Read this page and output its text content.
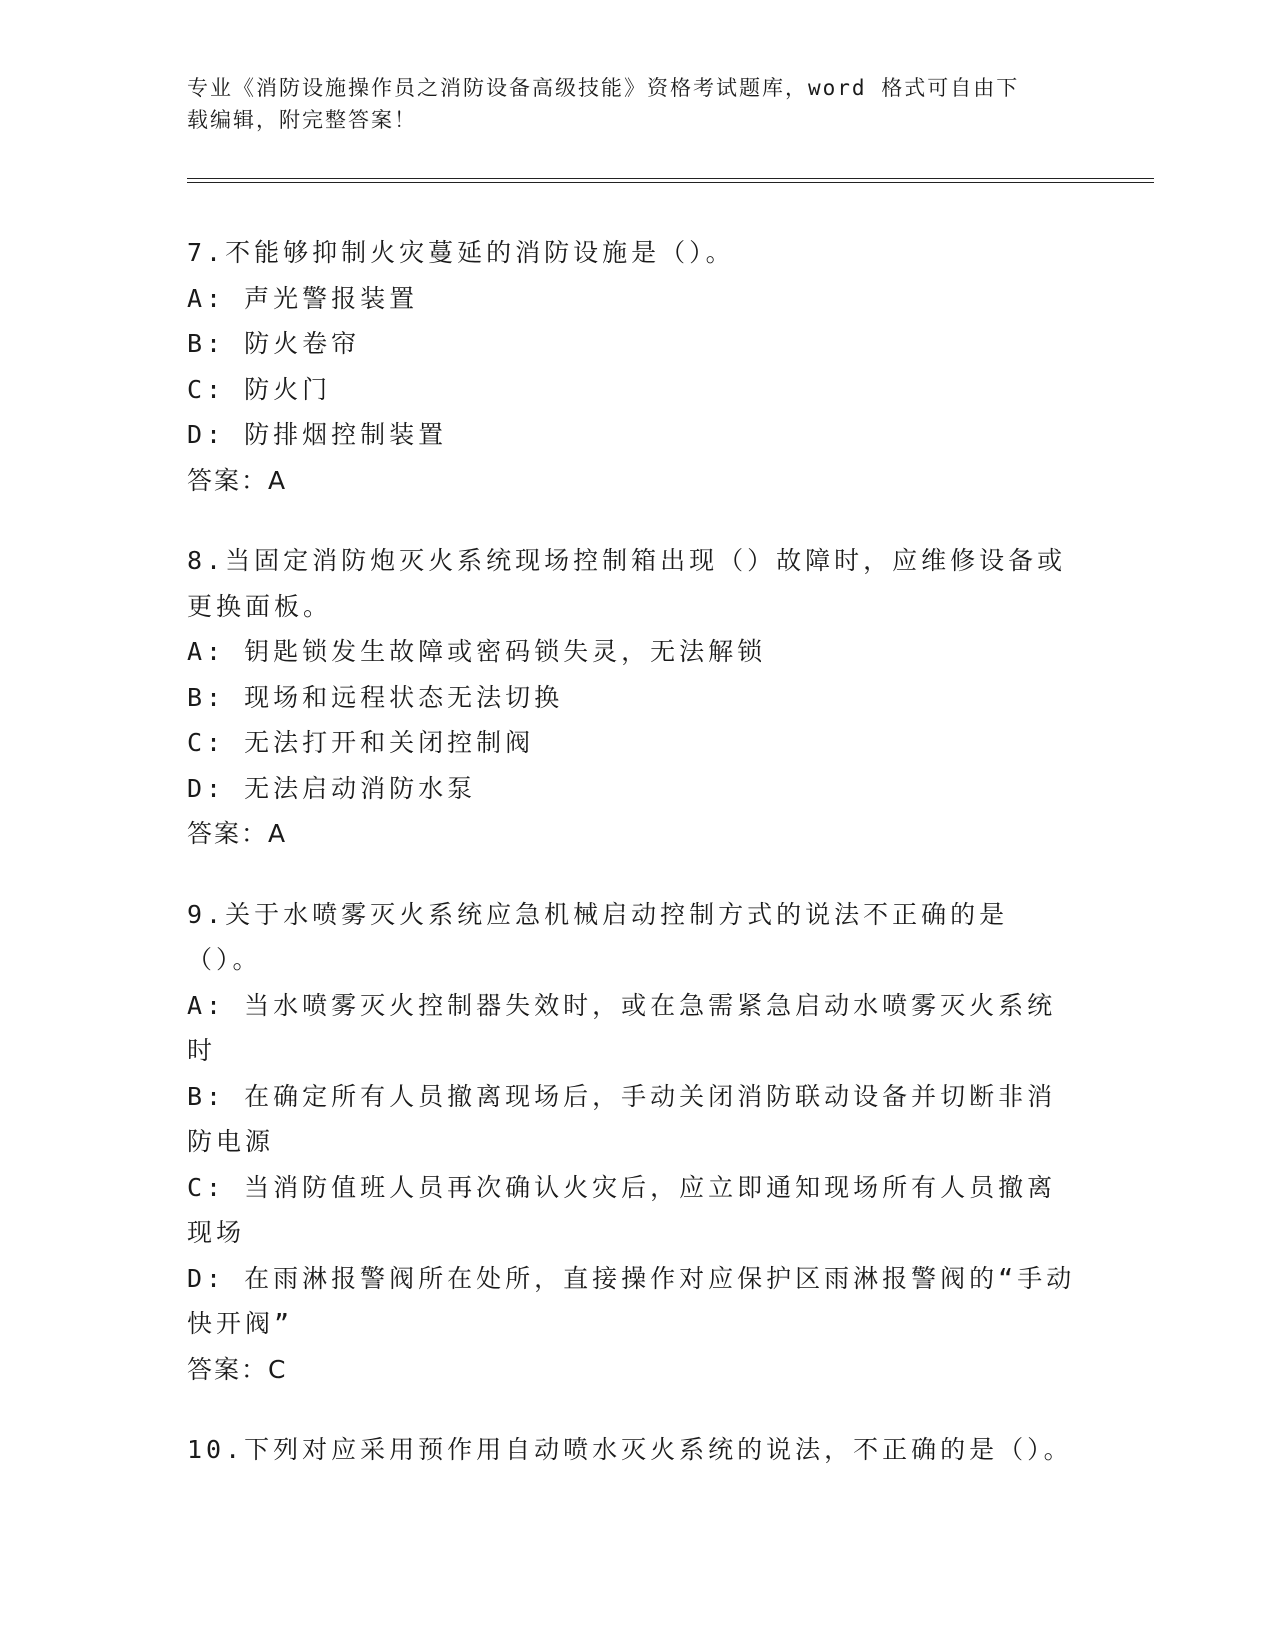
专业《消防设施操作员之消防设备高级技能》资格考试题库，word 格式可自由下
载编辑，附完整答案！
7.不能够抑制火灾蔓延的消防设施是（）。
A: 声光警报装置
B: 防火卷帘
C: 防火门
D: 防排烟控制装置
答案：A
8.当固定消防炮灭火系统现场控制箱出现（）故障时，应维修设备或更换面板。
A: 钥匙锁发生故障或密码锁失灵，无法解锁
B: 现场和远程状态无法切换
C: 无法打开和关闭控制阀
D: 无法启动消防水泵
答案：A
9.关于水喷雾灭火系统应急机械启动控制方式的说法不正确的是（）。
A: 当水喷雾灭火控制器失效时，或在急需紧急启动水喷雾灭火系统时
B: 在确定所有人员撤离现场后，手动关闭消防联动设备并切断非消防电源
C: 当消防值班人员再次确认火灾后，应立即通知现场所有人员撤离现场
D: 在雨淋报警阀所在处所，直接操作对应保护区雨淋报警阀的“手动快开阀”
答案：C
10.下列对应采用预作用自动喷水灭火系统的说法，不正确的是（）。
